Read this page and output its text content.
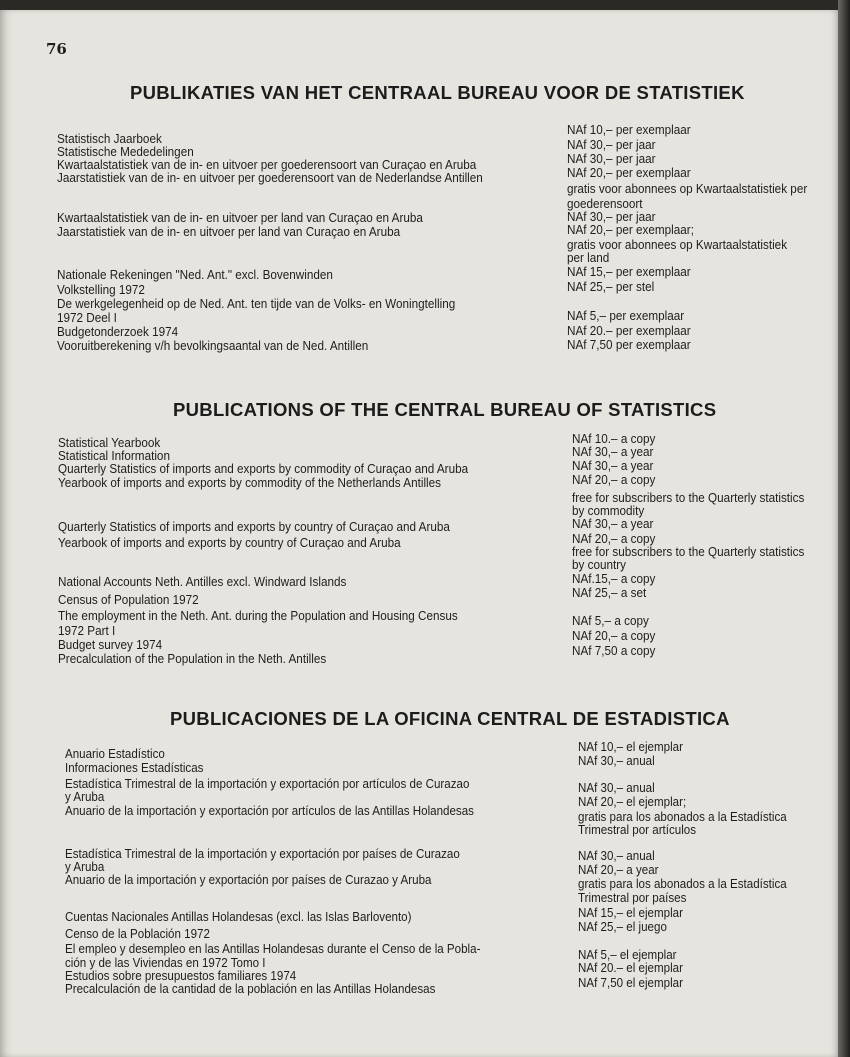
76
PUBLIKATIES VAN HET CENTRAAL BUREAU VOOR DE STATISTIEK
Statistisch Jaarboek
Statistische Mededelingen
Kwartaalstatistiek van de in- en uitvoer per goederensoort van Curaçao en Aruba
Jaarstatistiek van de in- en uitvoer per goederensoort van de Nederlandse Antillen
Kwartaalstatistiek van de in- en uitvoer per land van Curaçao en Aruba
Jaarstatistiek van de in- en uitvoer per land van Curaçao en Aruba
Nationale Rekeningen "Ned. Ant." excl. Bovenwinden
Volkstelling 1972
De werkgelegenheid op de Ned. Ant. ten tijde van de Volks- en Woningtelling
1972 Deel I
Budgetonderzoek 1974
Vooruitberekening v/h bevolkingsaantal van de Ned. Antillen
NAf 10,– per exemplaar
NAf 30,– per jaar
NAf 30,– per jaar
NAf 20,– per exemplaar
gratis voor abonnees op Kwartaalstatistiek per
goederensoort
NAf 30,– per jaar
NAf 20,– per exemplaar;
gratis voor abonnees op Kwartaalstatistiek
per land
NAf 15,– per exemplaar
NAf 25,– per stel
NAf 5,– per exemplaar
NAf 20.– per exemplaar
NAf 7,50 per exemplaar
PUBLICATIONS OF THE CENTRAL BUREAU OF STATISTICS
Statistical Yearbook
Statistical Information
Quarterly Statistics of imports and exports by commodity of Curaçao and Aruba
Yearbook of imports and exports by commodity of the Netherlands Antilles
Quarterly Statistics of imports and exports by country of Curaçao and Aruba
Yearbook of imports and exports by country of Curaçao and Aruba
National Accounts Neth. Antilles excl. Windward Islands
Census of Population 1972
The employment in the Neth. Ant. during the Population and Housing Census
1972 Part I
Budget survey 1974
Precalculation of the Population in the Neth. Antilles
NAf 10.– a copy
NAf 30,– a year
NAf 30,– a year
NAf 20,– a copy
free for subscribers to the Quarterly statistics
by commodity
NAf 30,– a year
NAf 20,– a copy
free for subscribers to the Quarterly statistics
by country
NAf.15,– a copy
NAf 25,– a set
NAf 5,– a copy
NAf 20,– a copy
NAf 7,50 a copy
PUBLICACIONES DE LA OFICINA CENTRAL DE ESTADISTICA
Anuario Estadístico
Informaciones Estadísticas
Estadística Trimestral de la importación y exportación por artículos de Curazao
y Aruba
Anuario de la importación y exportación por artículos de las Antillas Holandesas
Estadística Trimestral de la importación y exportación por países de Curazao
y Aruba
Anuario de la importación y exportación por países de Curazao y Aruba
Cuentas Nacionales Antillas Holandesas (excl. las Islas Barlovento)
Censo de la Población 1972
El empleo y desempleo en las Antillas Holandesas durante el Censo de la Pobla-
ción y de las Viviendas en 1972 Tomo I
Estudios sobre presupuestos familiares 1974
Precalculación de la cantidad de la población en las Antillas Holandesas
NAf 10,– el ejemplar
NAf 30,– anual
NAf 30,– anual
NAf 20,– el ejemplar;
gratis para los abonados a la Estadística
Trimestral por artículos
NAf 30,– anual
NAf 20,– a year
gratis para los abonados a la Estadística
Trimestral por países
NAf 15,– el ejemplar
NAf 25,– el juego
NAf 5,– el ejemplar
NAf 20.– el ejemplar
NAf 7,50 el ejemplar
